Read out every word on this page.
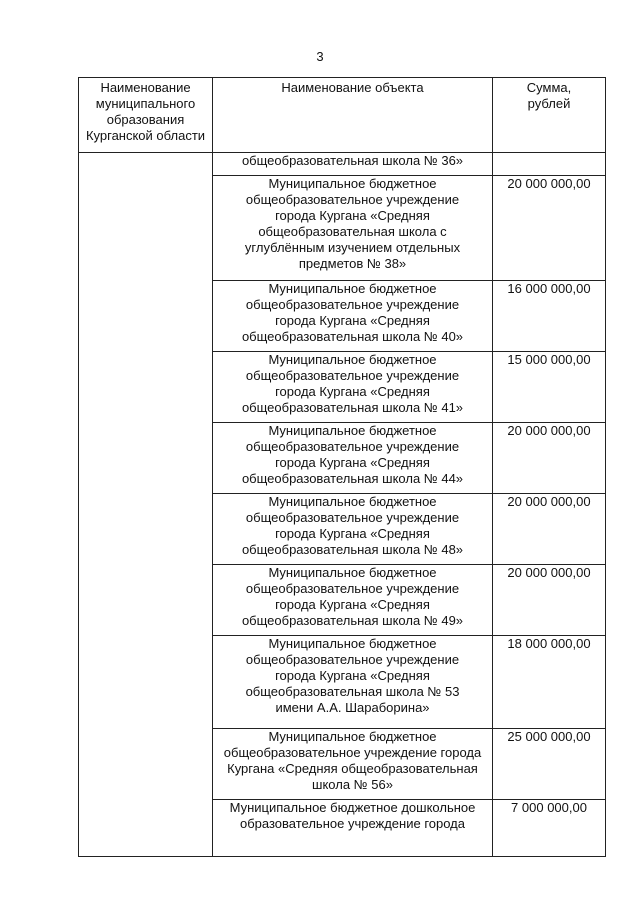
3
Наименование муниципального образования Курганской области	Наименование объекта	Сумма, рублей

	общеобразовательная школа № 36»	
	Муниципальное бюджетное общеобразовательное учреждение города Кургана «Средняя общеобразовательная школа с углублённым изучением отдельных предметов № 38»	20 000 000,00
	Муниципальное бюджетное общеобразовательное учреждение города Кургана «Средняя общеобразовательная школа № 40»	16 000 000,00
	Муниципальное бюджетное общеобразовательное учреждение города Кургана «Средняя общеобразовательная школа № 41»	15 000 000,00
	Муниципальное бюджетное общеобразовательное учреждение города Кургана «Средняя общеобразовательная школа № 44»	20 000 000,00
	Муниципальное бюджетное общеобразовательное учреждение города Кургана «Средняя общеобразовательная школа № 48»	20 000 000,00
	Муниципальное бюджетное общеобразовательное учреждение города Кургана «Средняя общеобразовательная школа № 49»	20 000 000,00
	Муниципальное бюджетное общеобразовательное учреждение города Кургана «Средняя общеобразовательная школа № 53 имени А.А. Шараборина»	18 000 000,00
	Муниципальное бюджетное общеобразовательное учреждение города Кургана «Средняя общеобразовательная школа № 56»	25 000 000,00
	Муниципальное бюджетное дошкольное образовательное учреждение города	7 000 000,00
